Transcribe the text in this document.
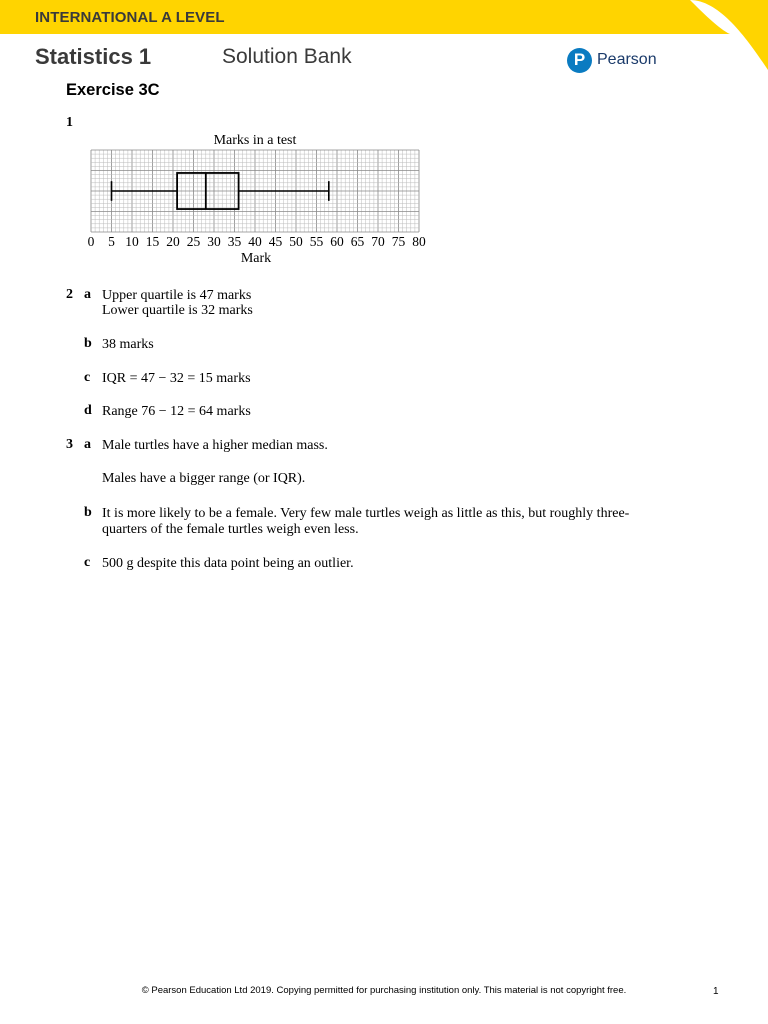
INTERNATIONAL A LEVEL
Statistics 1	Solution Bank	P Pearson
Exercise 3C
1
Marks in a test
0 5 10 15 20 25 30 35 40 45 50 55 60 65 70 75 80
Mark
2 a Upper quartile is 47 marks
Lower quartile is 32 marks
b 38 marks
c IQR = 47 − 32 = 15 marks
d Range 76 − 12 = 64 marks
3 a Male turtles have a higher median mass.
Males have a bigger range (or IQR).
b It is more likely to be a female. Very few male turtles weigh as little as this, but roughly three-
quarters of the female turtles weigh even less.
c 500 g despite this data point being an outlier.
© Pearson Education Ltd 2019. Copying permitted for purchasing institution only. This material is not copyright free.	1
